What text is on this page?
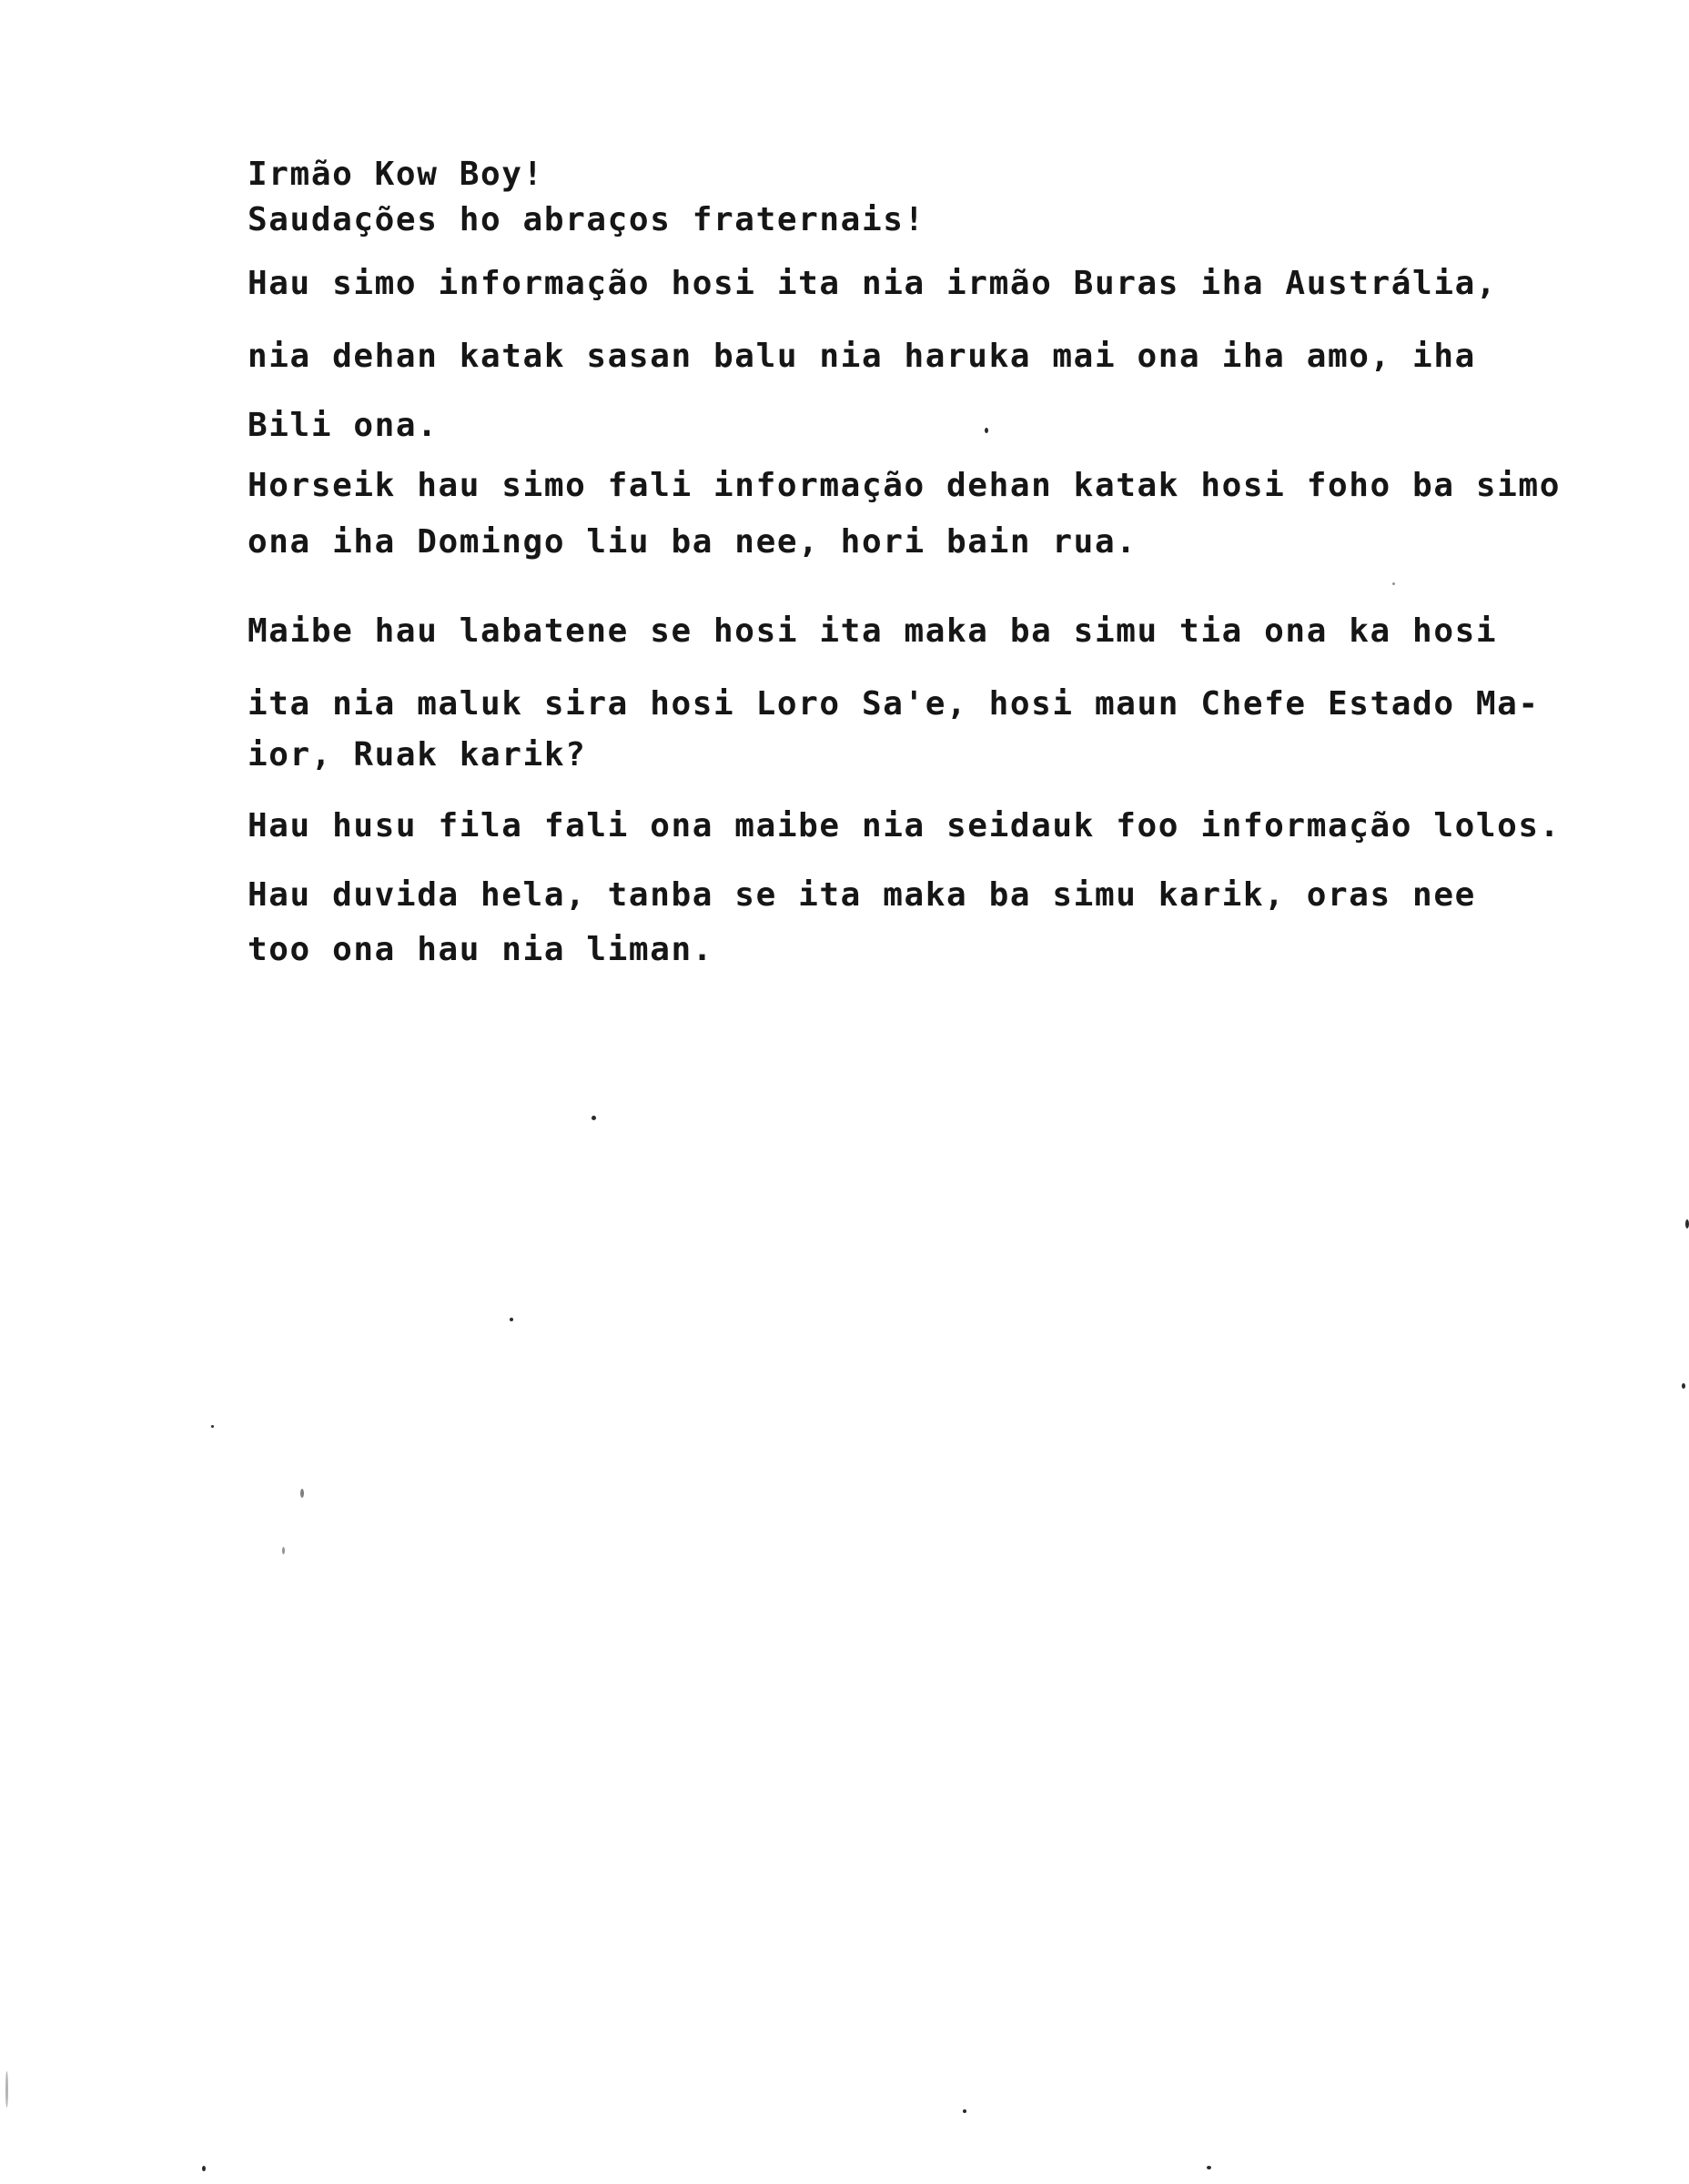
Irmão Kow Boy!
Saudações ho abraços fraternais!
Hau simo informação hosi ita nia irmão Buras iha Austrália,
nia dehan katak sasan balu nia haruka mai ona iha amo, iha
Bili ona.
Horseik hau simo fali informação dehan katak hosi foho ba simo
ona iha Domingo liu ba nee, hori bain rua.
Maibe hau labatene se hosi ita maka ba simu tia ona ka hosi
ita nia maluk sira hosi Loro Sa'e, hosi maun Chefe Estado Ma-
ior, Ruak karik?
Hau husu fila fali ona maibe nia seidauk foo informação lolos.
Hau duvida hela, tanba se ita maka ba simu karik, oras nee
too ona hau nia liman.
